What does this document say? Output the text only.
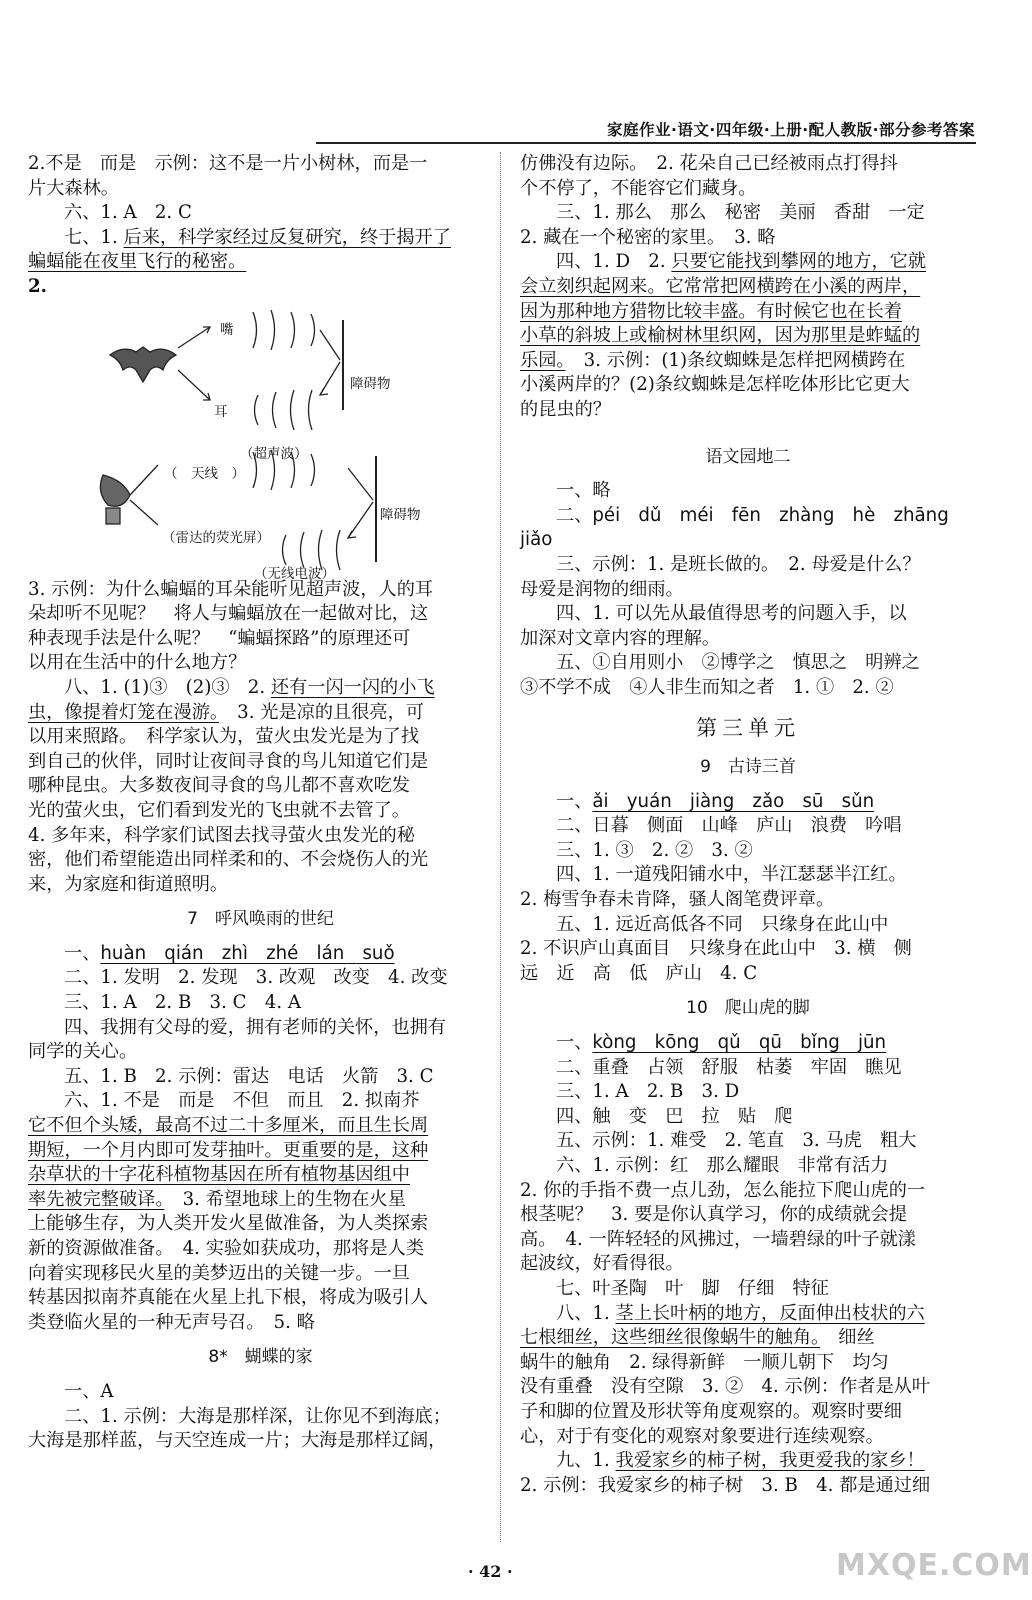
家庭作业·语文·四年级·上册·配人教版·部分参考答案

2.不是　而是　示例：这不是一片小树林，而是一

片大森林。

六、1. A　2. C

七、1. 后来，科学家经过反复研究，终于揭开了

蝙蝠能在夜里飞行的秘密。

2.

嘴
耳
障碍物
（超声波）
（　天线　）
（雷达的荧光屏）
障碍物
（无线电波）

3. 示例：为什么蝙蝠的耳朵能听见超声波，人的耳

朵却听不见呢？　将人与蝙蝠放在一起做对比，这

种表现手法是什么呢？　“蝙蝠探路”的原理还可

以用在生活中的什么地方？

八、1. (1)③　(2)③　2. 还有一闪一闪的小飞

虫，像提着灯笼在漫游。　3. 光是凉的且很亮，可

以用来照路。　科学家认为，萤火虫发光是为了找

到自己的伙伴，同时让夜间寻食的鸟儿知道它们是

哪种昆虫。大多数夜间寻食的鸟儿都不喜欢吃发

光的萤火虫，它们看到发光的飞虫就不去管了。

4. 多年来，科学家们试图去找寻萤火虫发光的秘

密，他们希望能造出同样柔和的、不会烧伤人的光

来，为家庭和街道照明。

7　呼风唤雨的世纪

一、huàn　qián　zhì　zhé　lán　suǒ

二、1. 发明　2. 发现　3. 改观　改变　4. 改变

三、1. A　2. B　3. C　4. A

四、我拥有父母的爱，拥有老师的关怀，也拥有

同学的关心。

五、1. B　2. 示例：雷达　电话　火箭　3. C

六、1. 不是　而是　不但　而且　2. 拟南芥

它不但个头矮，最高不过二十多厘米，而且生长周

期短，一个月内即可发芽抽叶。更重要的是，这种

杂草状的十字花科植物基因在所有植物基因组中

率先被完整破译。　3. 希望地球上的生物在火星

上能够生存，为人类开发火星做准备，为人类探索

新的资源做准备。　4. 实验如获成功，那将是人类

向着实现移民火星的美梦迈出的关键一步。一旦

转基因拟南芥真能在火星上扎下根，将成为吸引人

类登临火星的一种无声号召。　5. 略

8*　蝴蝶的家

一、A

二、1. 示例：大海是那样深，让你见不到海底；

大海是那样蓝，与天空连成一片；大海是那样辽阔，

仿佛没有边际。　2. 花朵自己已经被雨点打得抖

个不停了，不能容它们藏身。

三、1. 那么　那么　秘密　美丽　香甜　一定

2. 藏在一个秘密的家里。　3. 略

四、1. D　2. 只要它能找到攀网的地方，它就

会立刻织起网来。它常常把网横跨在小溪的两岸，

因为那种地方猎物比较丰盛。有时候它也在长着

小草的斜坡上或榆树林里织网，因为那里是蚱蜢的

乐园。　3. 示例：(1)条纹蜘蛛是怎样把网横跨在

小溪两岸的？(2)条纹蜘蛛是怎样吃体形比它更大

的昆虫的？

语文园地二

一、略

二、péi　dǔ　méi　fēn　zhàng　hè　zhāng

jiǎo

三、示例：1. 是班长做的。　2. 母爱是什么？

母爱是润物的细雨。

四、1. 可以先从最值得思考的问题入手，以

加深对文章内容的理解。

五、①自用则小　②博学之　慎思之　明辨之

③不学不成　④人非生而知之者　1. ①　2. ②

第三单元
9　古诗三首

一、ǎi　yuán　jiàng　zǎo　sū　sǔn

二、日暮　侧面　山峰　庐山　浪费　吟唱

三、1. ③　2. ②　3. ②

四、1. 一道残阳铺水中，半江瑟瑟半江红。

2. 梅雪争春未肯降，骚人阁笔费评章。

五、1. 远近高低各不同　只缘身在此山中

2. 不识庐山真面目　只缘身在此山中　3. 横　侧

远　近　高　低　庐山　4. C

10　爬山虎的脚

一、kòng　kōng　qǔ　qū　bǐng　jūn

二、重叠　占领　舒服　枯萎　牢固　瞧见

三、1. A　2. B　3. D

四、触　变　巴　拉　贴　爬

五、示例：1. 难受　2. 笔直　3. 马虎　粗大

六、1. 示例：红　那么耀眼　非常有活力

2. 你的手指不费一点儿劲，怎么能拉下爬山虎的一

根茎呢？　3. 要是你认真学习，你的成绩就会提

高。　4. 一阵轻轻的风拂过，一墙碧绿的叶子就漾

起波纹，好看得很。

七、叶圣陶　叶　脚　仔细　特征

八、1. 茎上长叶柄的地方，反面伸出枝状的六

七根细丝，这些细丝很像蜗牛的触角。　细丝

蜗牛的触角　2. 绿得新鲜　一顺儿朝下　均匀

没有重叠　没有空隙　3. ②　4. 示例：作者是从叶

子和脚的位置及形状等角度观察的。观察时要细

心，对于有变化的观察对象要进行连续观察。

九、1. 我爱家乡的柿子树，我更爱我的家乡！

2. 示例：我爱家乡的柿子树　3. B　4. 都是通过细

· 42 ·	MXQE.COM
